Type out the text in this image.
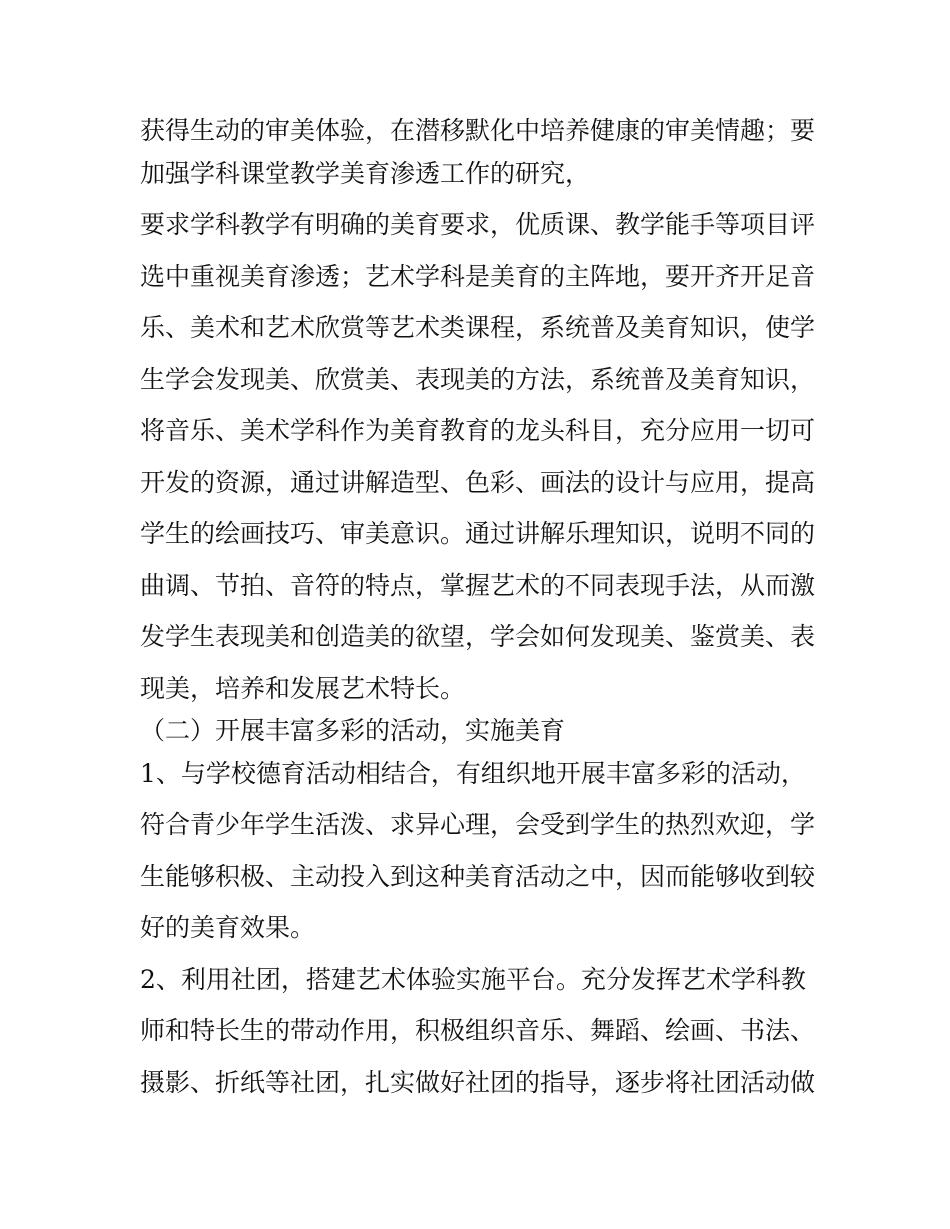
获得生动的审美体验，在潜移默化中培养健康的审美情趣；要
加强学科课堂教学美育渗透工作的研究，
要求学科教学有明确的美育要求，优质课、教学能手等项目评
选中重视美育渗透；艺术学科是美育的主阵地，要开齐开足音
乐、美术和艺术欣赏等艺术类课程，系统普及美育知识，使学
生学会发现美、欣赏美、表现美的方法，系统普及美育知识，
将音乐、美术学科作为美育教育的龙头科目，充分应用一切可
开发的资源，通过讲解造型、色彩、画法的设计与应用，提高
学生的绘画技巧、审美意识。通过讲解乐理知识，说明不同的
曲调、节拍、音符的特点，掌握艺术的不同表现手法，从而激
发学生表现美和创造美的欲望，学会如何发现美、鉴赏美、表
现美，培养和发展艺术特长。
（二）开展丰富多彩的活动，实施美育
1、与学校德育活动相结合，有组织地开展丰富多彩的活动，
符合青少年学生活泼、求异心理，会受到学生的热烈欢迎，学
生能够积极、主动投入到这种美育活动之中，因而能够收到较
好的美育效果。
2、利用社团，搭建艺术体验实施平台。充分发挥艺术学科教
师和特长生的带动作用，积极组织音乐、舞蹈、绘画、书法、
摄影、折纸等社团，扎实做好社团的指导，逐步将社团活动做
